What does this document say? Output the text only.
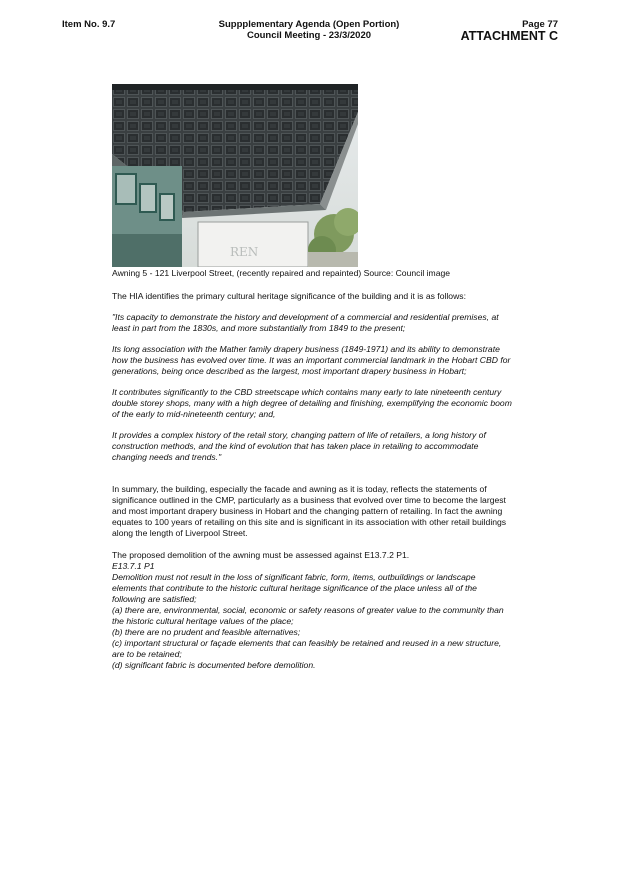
Item No. 9.7	Suppplementary Agenda (Open Portion)
Council Meeting - 23/3/2020
Page 77
ATTACHMENT C
REN

Awning 5 - 121 Liverpool Street, (recently repaired and repainted) Source: Council image

The HIA identifies the primary cultural heritage significance of the building and it is as follows:

"Its capacity to demonstrate the history and development of a commercial and residential premises, at least in part from the 1830s, and more substantially from 1849 to the present;

Its long association with the Mather family drapery business (1849-1971) and its ability to demonstrate how the business has evolved over time. It was an important commercial landmark in the Hobart CBD for generations, being once described as the largest, most important drapery business in Hobart;

It contributes significantly to the CBD streetscape which contains many early to late nineteenth century double storey shops, many with a high degree of detailing and finishing, exemplifying the economic boom of the early to mid-nineteenth century; and,

It provides a complex history of the retail story, changing pattern of life of retailers, a long history of construction methods, and the kind of evolution that has taken place in retailing to accommodate changing needs and trends."

In summary, the building, especially the facade and awning as it is today, reflects the statements of significance outlined in the CMP, particularly as a business that evolved over time to become the largest and most important drapery business in Hobart and the changing pattern of retailing. In fact the awning equates to 100 years of retailing on this site and is significant in its association with other retail buildings along the length of Liverpool Street.

The proposed demolition of the awning must be assessed against E13.7.2 P1.

E13.7.1 P1

Demolition must not result in the loss of significant fabric, form, items, outbuildings or landscape elements that contribute to the historic cultural heritage significance of the place unless all of the following are satisfied;

(a) there are, environmental, social, economic or safety reasons of greater value to the community than the historic cultural heritage values of the place;

(b) there are no prudent and feasible alternatives;

(c) important structural or façade elements that can feasibly be retained and reused in a new structure, are to be retained;

(d) significant fabric is documented before demolition.
